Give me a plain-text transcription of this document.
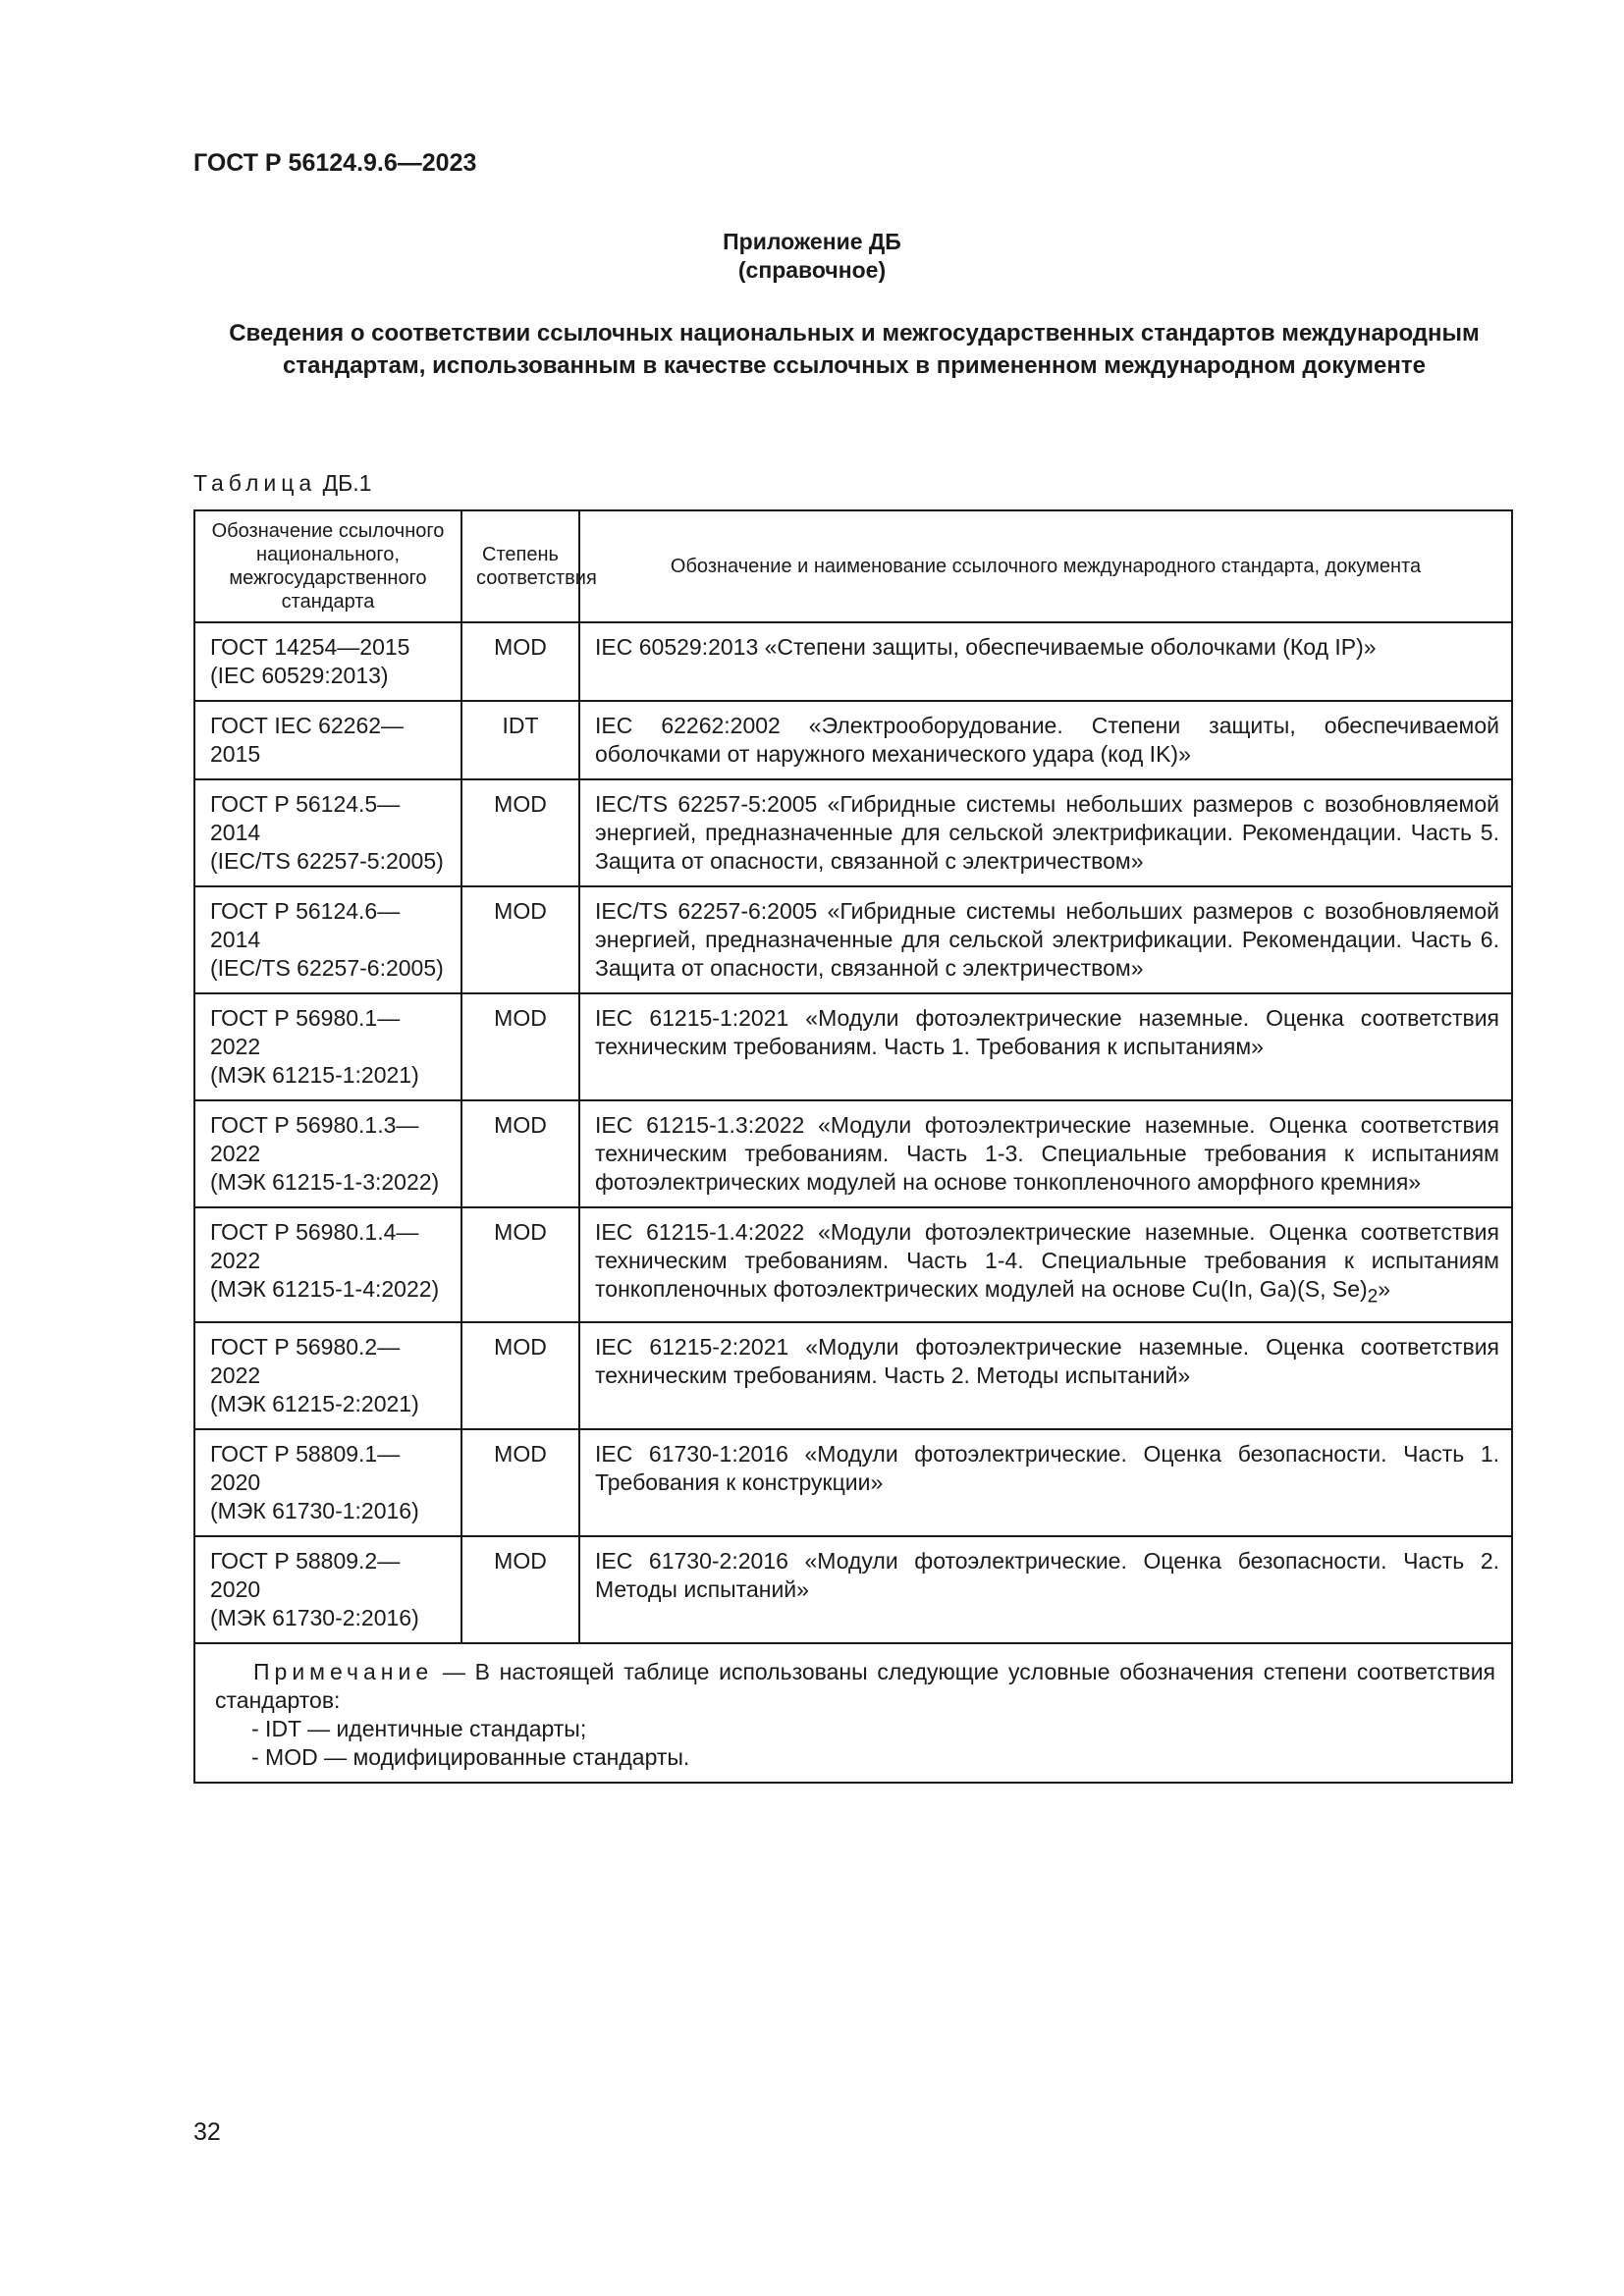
ГОСТ Р 56124.9.6—2023
Приложение ДБ
(справочное)
Сведения о соответствии ссылочных национальных и межгосударственных стандартов международным стандартам, использованным в качестве ссылочных в примененном международном документе
Таблица ДБ.1
Обозначение ссылочного национального, межгосударственного стандарта	Степень соответствия	Обозначение и наименование ссылочного международного стандарта, документа

ГОСТ 14254—2015
(IEC 60529:2013)	MOD	IEC 60529:2013 «Степени защиты, обеспечиваемые оболочками (Код IP)»

ГОСТ IEC 62262—2015	IDT	IEC 62262:2002 «Электрооборудование. Степени защиты, обеспечиваемой оболочками от наружного механического удара (код IK)»

ГОСТ Р 56124.5—2014
(IEC/TS 62257-5:2005)	MOD	IEC/TS 62257-5:2005 «Гибридные системы небольших размеров с возобновляемой энергией, предназначенные для сельской электрификации. Рекомендации. Часть 5. Защита от опасности, связанной с электричеством»

ГОСТ Р 56124.6—2014
(IEC/TS 62257-6:2005)	MOD	IEC/TS 62257-6:2005 «Гибридные системы небольших размеров с возобновляемой энергией, предназначенные для сельской электрификации. Рекомендации. Часть 6. Защита от опасности, связанной с электричеством»

ГОСТ Р 56980.1—2022
(МЭК 61215-1:2021)	MOD	IEC 61215-1:2021 «Модули фотоэлектрические наземные. Оценка соответствия техническим требованиям. Часть 1. Требования к испытаниям»

ГОСТ Р 56980.1.3—2022
(МЭК 61215-1-3:2022)	MOD	IEC 61215-1.3:2022 «Модули фотоэлектрические наземные. Оценка соответствия техническим требованиям. Часть 1-3. Специальные требования к испытаниям фотоэлектрических модулей на основе тонкопленочного аморфного кремния»

ГОСТ Р 56980.1.4—2022
(МЭК 61215-1-4:2022)	MOD	IEC 61215-1.4:2022 «Модули фотоэлектрические наземные. Оценка соответствия техническим требованиям. Часть 1-4. Специальные требования к испытаниям тонкопленочных фотоэлектрических модулей на основе Cu(In, Ga)(S, $Se)_2$»

ГОСТ Р 56980.2—2022
(МЭК 61215-2:2021)	MOD	IEC 61215-2:2021 «Модули фотоэлектрические наземные. Оценка соответствия техническим требованиям. Часть 2. Методы испытаний»

ГОСТ Р 58809.1—2020
(МЭК 61730-1:2016)	MOD	IEC 61730-1:2016 «Модули фотоэлектрические. Оценка безопасности. Часть 1. Требования к конструкции»

ГОСТ Р 58809.2—2020
(МЭК 61730-2:2016)	MOD	IEC 61730-2:2016 «Модули фотоэлектрические. Оценка безопасности. Часть 2. Методы испытаний»

Примечание — В настоящей таблице использованы следующие условные обозначения степени соответствия стандартов:
- IDT — идентичные стандарты;
- MOD — модифицированные стандарты.		
32
